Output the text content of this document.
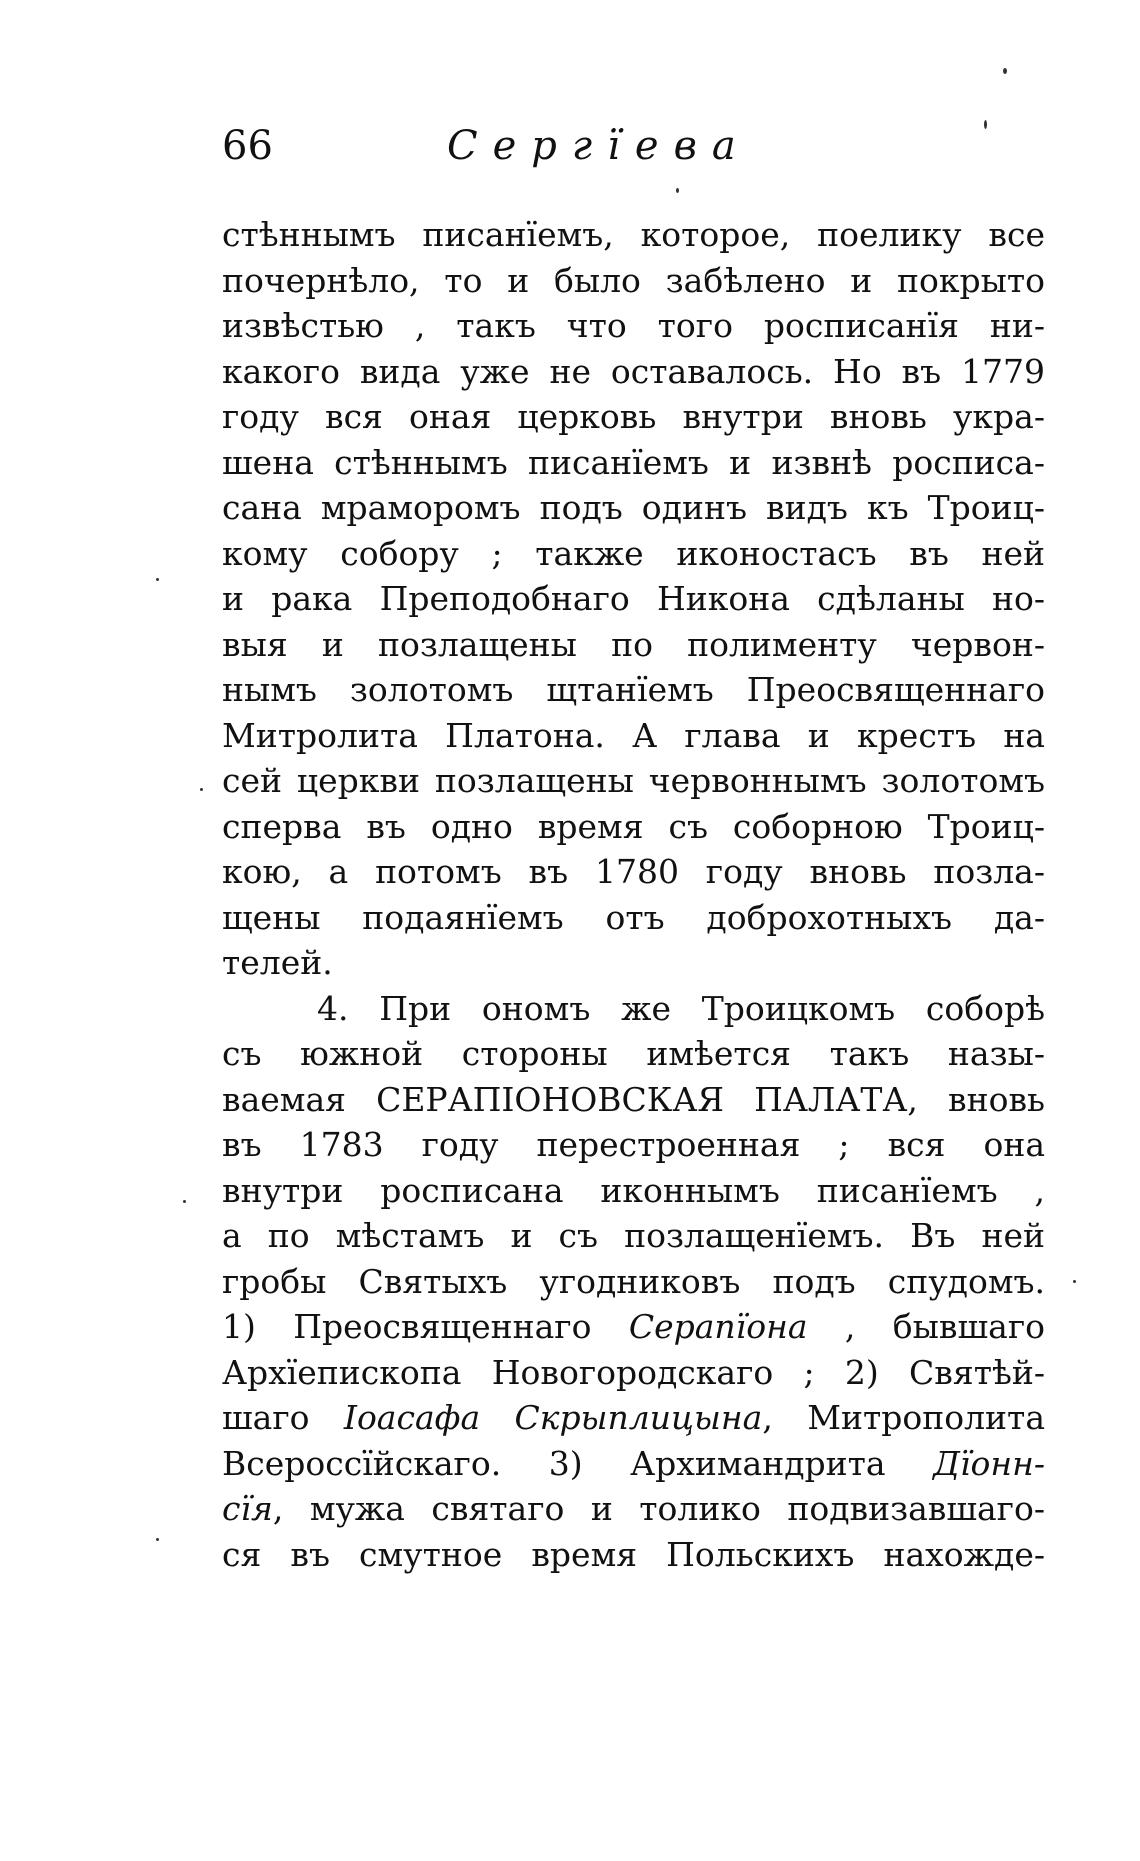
66	Сергїева
стѣннымъ писанїемъ, которое, поелику все
почернѣло, то и было забѣлено и покрыто
извѣстью , такъ что того росписанїя ни-
какого вида уже не оставалось. Но въ 1779
году вся оная церковь внутри вновь укра-
шена стѣннымъ писанїемъ и извнѣ росписа-
сана мраморомъ подъ одинъ видъ къ Троиц-
кому собору ; также иконостасъ въ ней
и рака Преподобнаго Никона сдѣланы но-
выя и позлащены по полименту червон-
нымъ золотомъ щтанїемъ Преосвященнаго
Митролита Платона. А глава и крестъ на
сей церкви позлащены червоннымъ золотомъ
сперва въ одно время съ соборною Троиц-
кою, а потомъ въ 1780 году вновь позла-
щены подаянїемъ отъ доброхотныхъ да-
телей.
4. При ономъ же Троицкомъ соборѣ
съ южной стороны имѣется такъ назы-
ваемая СЕРАПІОНОВСКАЯ ПАЛАТА, вновь
въ 1783 году перестроенная ; вся она
внутри росписана иконнымъ писанїемъ ,
а по мѣстамъ и съ позлащенїемъ. Въ ней
гробы Святыхъ угодниковъ подъ спудомъ.
1) Преосвященнаго Серапїона , бывшаго
Архїепископа Новогородскаго ; 2) Святѣй-
шаго Іоасафа Скрыплицына, Митрополита
Всероссїйскаго. 3) Архимандрита Дїонн-
сїя, мужа святаго и толико подвизавшаго-
ся въ смутное время Польскихъ нахожде-
